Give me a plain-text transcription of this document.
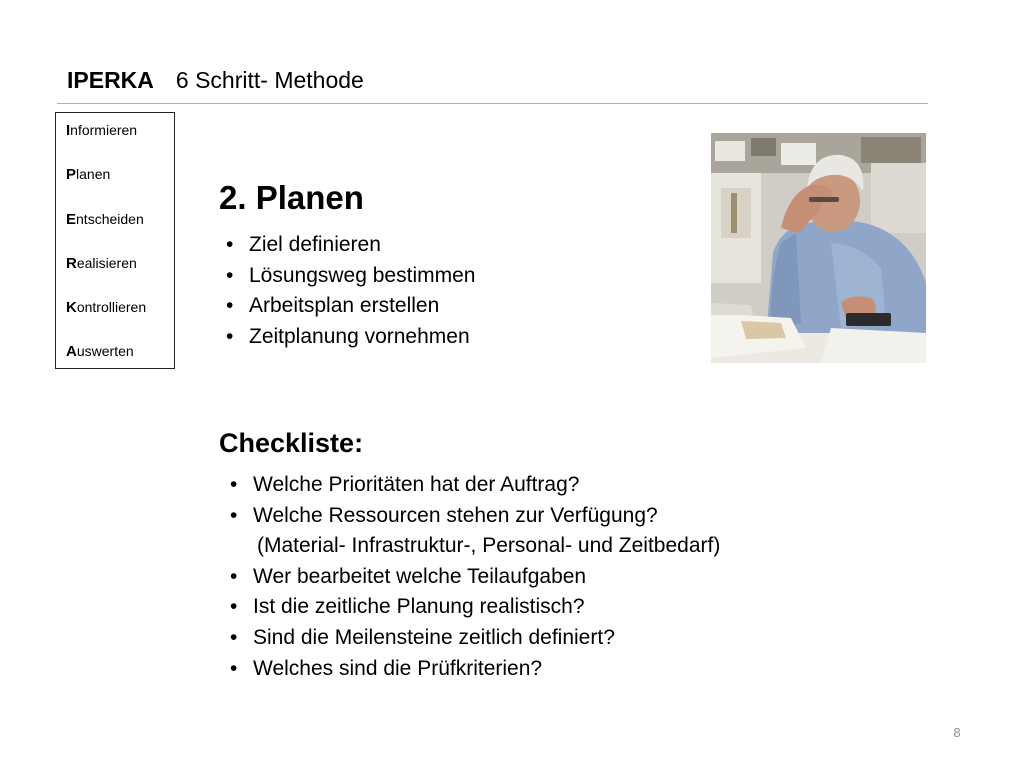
IPERKA 6 Schritt- Methode
Informieren
Planen
Entscheiden
Realisieren
Kontrollieren
Auswerten
2. Planen
• Ziel definieren
• Lösungsweg bestimmen
• Arbeitsplan erstellen
• Zeitplanung vornehmen
Checkliste:
• Welche Prioritäten hat der Auftrag?
• Welche Ressourcen stehen zur Verfügung?
(Material- Infrastruktur-, Personal- und Zeitbedarf)
• Wer bearbeitet welche Teilaufgaben
• Ist die zeitliche Planung realistisch?
• Sind die Meilensteine zeitlich definiert?
• Welches sind die Prüfkriterien?
8
